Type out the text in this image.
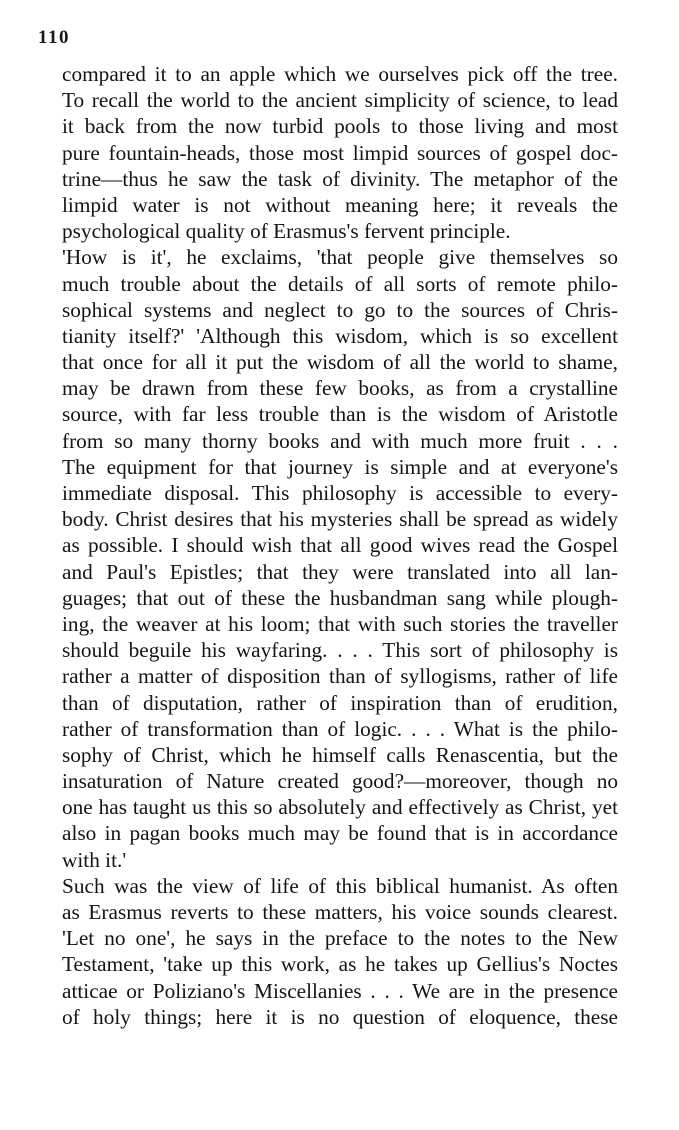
110
compared it to an apple which we ourselves pick off the tree.
To recall the world to the ancient simplicity of science, to lead
it back from the now turbid pools to those living and most
pure fountain-heads, those most limpid sources of gospel doc-
trine—thus he saw the task of divinity. The metaphor of the
limpid water is not without meaning here; it reveals the
psychological quality of Erasmus's fervent principle.
'How is it', he exclaims, 'that people give themselves so
much trouble about the details of all sorts of remote philo-
sophical systems and neglect to go to the sources of Chris-
tianity itself?' 'Although this wisdom, which is so excellent
that once for all it put the wisdom of all the world to shame,
may be drawn from these few books, as from a crystalline
source, with far less trouble than is the wisdom of Aristotle
from so many thorny books and with much more fruit . . .
The equipment for that journey is simple and at everyone's
immediate disposal. This philosophy is accessible to every-
body. Christ desires that his mysteries shall be spread as widely
as possible. I should wish that all good wives read the Gospel
and Paul's Epistles; that they were translated into all lan-
guages; that out of these the husbandman sang while plough-
ing, the weaver at his loom; that with such stories the traveller
should beguile his wayfaring. . . . This sort of philosophy is
rather a matter of disposition than of syllogisms, rather of life
than of disputation, rather of inspiration than of erudition,
rather of transformation than of logic. . . . What is the philo-
sophy of Christ, which he himself calls Renascentia, but the
insaturation of Nature created good?—moreover, though no
one has taught us this so absolutely and effectively as Christ, yet
also in pagan books much may be found that is in accordance
with it.'
Such was the view of life of this biblical humanist. As often
as Erasmus reverts to these matters, his voice sounds clearest.
'Let no one', he says in the preface to the notes to the New
Testament, 'take up this work, as he takes up Gellius's Noctes
atticae or Poliziano's Miscellanies . . . We are in the presence
of holy things; here it is no question of eloquence, these
